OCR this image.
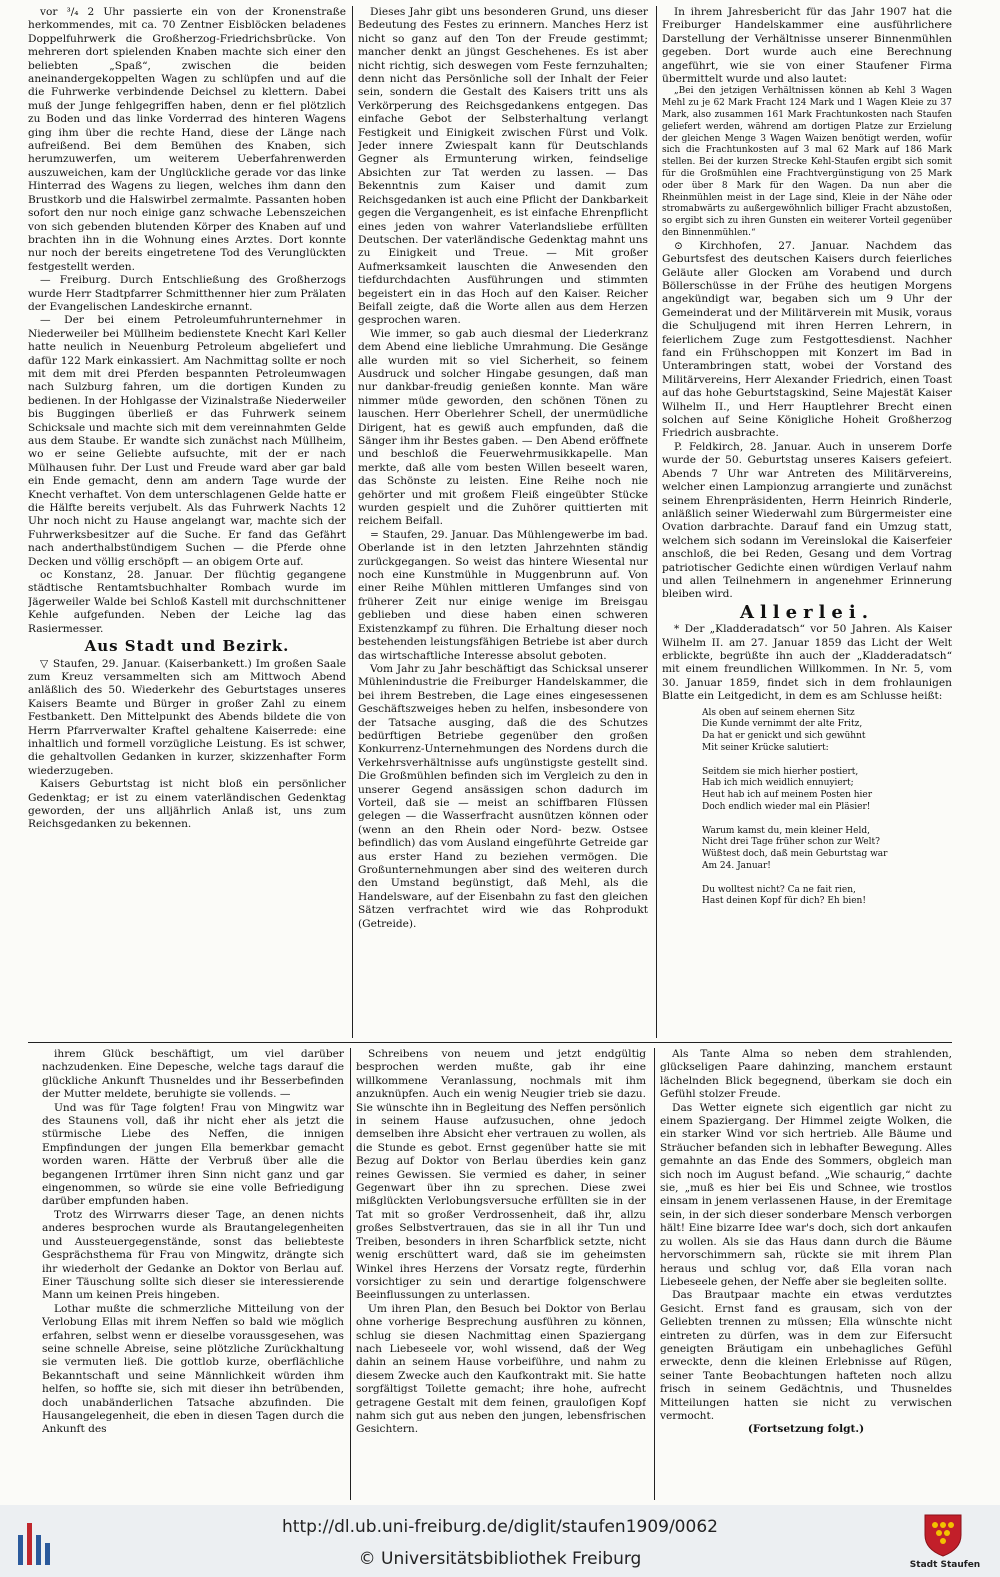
vor ³/₄ 2 Uhr passierte ein von der Kronenstraße herkommendes, mit ca. 70 Zentner Eisblöcken beladenes Doppelfuhrwerk die Großherzog-Friedrichsbrücke. Von mehreren dort spielenden Knaben machte sich einer den beliebten „Spaß“, zwischen die beiden aneinandergekoppelten Wagen zu schlüpfen und auf die die Fuhrwerke verbindende Deichsel zu klettern. Dabei muß der Junge fehlgegriffen haben, denn er fiel plötzlich zu Boden und das linke Vorderrad des hinteren Wagens ging ihm über die rechte Hand, diese der Länge nach aufreißend. Bei dem Bemühen des Knaben, sich herumzuwerfen, um weiterem Ueberfahrenwerden auszuweichen, kam der Unglückliche gerade vor das linke Hinterrad des Wagens zu liegen, welches ihm dann den Brustkorb und die Halswirbel zermalmte. Passanten hoben sofort den nur noch einige ganz schwache Lebenszeichen von sich gebenden blutenden Körper des Knaben auf und brachten ihn in die Wohnung eines Arztes. Dort konnte nur noch der bereits eingetretene Tod des Verunglückten festgestellt werden.

— Freiburg. Durch Entschließung des Großherzogs wurde Herr Stadtpfarrer Schmitthenner hier zum Prälaten der Evangelischen Landeskirche ernannt.

— Der bei einem Petroleumfuhrunternehmer in Niederweiler bei Müllheim bedienstete Knecht Karl Keller hatte neulich in Neuenburg Petroleum abgeliefert und dafür 122 Mark einkassiert. Am Nachmittag sollte er noch mit dem mit drei Pferden bespannten Petroleumwagen nach Sulzburg fahren, um die dortigen Kunden zu bedienen. In der Hohlgasse der Vizinalstraße Niederweiler bis Buggingen überließ er das Fuhrwerk seinem Schicksale und machte sich mit dem vereinnahmten Gelde aus dem Staube. Er wandte sich zunächst nach Müllheim, wo er seine Geliebte aufsuchte, mit der er nach Mülhausen fuhr. Der Lust und Freude ward aber gar bald ein Ende gemacht, denn am andern Tage wurde der Knecht verhaftet. Von dem unterschlagenen Gelde hatte er die Hälfte bereits verjubelt. Als das Fuhrwerk Nachts 12 Uhr noch nicht zu Hause angelangt war, machte sich der Fuhrwerksbesitzer auf die Suche. Er fand das Gefährt nach anderthalbstündigem Suchen — die Pferde ohne Decken und völlig erschöpft — an obigem Orte auf.

oc Konstanz, 28. Januar. Der flüchtig gegangene städtische Rentamtsbuchhalter Rombach wurde im Jägerweiler Walde bei Schloß Kastell mit durchschnittener Kehle aufgefunden. Neben der Leiche lag das Rasiermesser.

Aus Stadt und Bezirk.

▽ Staufen, 29. Januar. (Kaiserbankett.) Im großen Saale zum Kreuz versammelten sich am Mittwoch Abend anläßlich des 50. Wiederkehr des Geburtstages unseres Kaisers Beamte und Bürger in großer Zahl zu einem Festbankett. Den Mittelpunkt des Abends bildete die von Herrn Pfarrverwalter Kraftel gehaltene Kaiserrede: eine inhaltlich und formell vorzügliche Leistung. Es ist schwer, die gehaltvollen Gedanken in kurzer, skizzenhafter Form wiederzugeben.

Kaisers Geburtstag ist nicht bloß ein persönlicher Gedenktag; er ist zu einem vaterländischen Gedenktag geworden, der uns alljährlich Anlaß ist, uns zum Reichsgedanken zu bekennen.

Dieses Jahr gibt uns besonderen Grund, uns dieser Bedeutung des Festes zu erinnern. Manches Herz ist nicht so ganz auf den Ton der Freude gestimmt; mancher denkt an jüngst Geschehenes. Es ist aber nicht richtig, sich deswegen vom Feste fernzuhalten; denn nicht das Persönliche soll der Inhalt der Feier sein, sondern die Gestalt des Kaisers tritt uns als Verkörperung des Reichsgedankens entgegen. Das einfache Gebot der Selbsterhaltung verlangt Festigkeit und Einigkeit zwischen Fürst und Volk. Jeder innere Zwiespalt kann für Deutschlands Gegner als Ermunterung wirken, feindselige Absichten zur Tat werden zu lassen. — Das Bekenntnis zum Kaiser und damit zum Reichsgedanken ist auch eine Pflicht der Dankbarkeit gegen die Vergangenheit, es ist einfache Ehrenpflicht eines jeden von wahrer Vaterlandsliebe erfüllten Deutschen. Der vaterländische Gedenktag mahnt uns zu Einigkeit und Treue. — Mit großer Aufmerksamkeit lauschten die Anwesenden den tiefdurchdachten Ausführungen und stimmten begeistert ein in das Hoch auf den Kaiser. Reicher Beifall zeigte, daß die Worte allen aus dem Herzen gesprochen waren.

Wie immer, so gab auch diesmal der Liederkranz dem Abend eine liebliche Umrahmung. Die Gesänge alle wurden mit so viel Sicherheit, so feinem Ausdruck und solcher Hingabe gesungen, daß man nur dankbar-freudig genießen konnte. Man wäre nimmer müde geworden, den schönen Tönen zu lauschen. Herr Oberlehrer Schell, der unermüdliche Dirigent, hat es gewiß auch empfunden, daß die Sänger ihm ihr Bestes gaben. — Den Abend eröffnete und beschloß die Feuerwehrmusikkapelle. Man merkte, daß alle vom besten Willen beseelt waren, das Schönste zu leisten. Eine Reihe noch nie gehörter und mit großem Fleiß eingeübter Stücke wurden gespielt und die Zuhörer quittierten mit reichem Beifall.

= Staufen, 29. Januar. Das Mühlengewerbe im bad. Oberlande ist in den letzten Jahrzehnten ständig zurückgegangen. So weist das hintere Wiesental nur noch eine Kunstmühle in Muggenbrunn auf. Von einer Reihe Mühlen mittleren Umfanges sind von früherer Zeit nur einige wenige im Breisgau geblieben und diese haben einen schweren Existenzkampf zu führen. Die Erhaltung dieser noch bestehenden leistungsfähigen Betriebe ist aber durch das wirtschaftliche Interesse absolut geboten.

Vom Jahr zu Jahr beschäftigt das Schicksal unserer Mühlenindustrie die Freiburger Handelskammer, die bei ihrem Bestreben, die Lage eines eingesessenen Geschäftszweiges heben zu helfen, insbesondere von der Tatsache ausging, daß die des Schutzes bedürftigen Betriebe gegenüber den großen Konkurrenz-Unternehmungen des Nordens durch die Verkehrsverhältnisse aufs ungünstigste gestellt sind. Die Großmühlen befinden sich im Vergleich zu den in unserer Gegend ansässigen schon dadurch im Vorteil, daß sie — meist an schiffbaren Flüssen gelegen — die Wasserfracht ausnützen können oder (wenn an den Rhein oder Nord- bezw. Ostsee befindlich) das vom Ausland eingeführte Getreide gar aus erster Hand zu beziehen vermögen. Die Großunternehmungen aber sind des weiteren durch den Umstand begünstigt, daß Mehl, als die Handelsware, auf der Eisenbahn zu fast den gleichen Sätzen verfrachtet wird wie das Rohprodukt (Getreide).

In ihrem Jahresbericht für das Jahr 1907 hat die Freiburger Handelskammer eine ausführlichere Darstellung der Verhältnisse unserer Binnenmühlen gegeben. Dort wurde auch eine Berechnung angeführt, wie sie von einer Staufener Firma übermittelt wurde und also lautet:

„Bei den jetzigen Verhältnissen können ab Kehl 3 Wagen Mehl zu je 62 Mark Fracht 124 Mark und 1 Wagen Kleie zu 37 Mark, also zusammen 161 Mark Frachtunkosten nach Staufen geliefert werden, während am dortigen Platze zur Erzielung der gleichen Menge 3 Wagen Waizen benötigt werden, wofür sich die Frachtunkosten auf 3 mal 62 Mark auf 186 Mark stellen. Bei der kurzen Strecke Kehl-Staufen ergibt sich somit für die Großmühlen eine Frachtvergünstigung von 25 Mark oder über 8 Mark für den Wagen. Da nun aber die Rheinmühlen meist in der Lage sind, Kleie in der Nähe oder stromabwärts zu außergewöhnlich billiger Fracht abzustoßen, so ergibt sich zu ihren Gunsten ein weiterer Vorteil gegenüber den Binnenmühlen.“

⊙ Kirchhofen, 27. Januar. Nachdem das Geburtsfest des deutschen Kaisers durch feierliches Geläute aller Glocken am Vorabend und durch Böllerschüsse in der Frühe des heutigen Morgens angekündigt war, begaben sich um 9 Uhr der Gemeinderat und der Militärverein mit Musik, voraus die Schuljugend mit ihren Herren Lehrern, in feierlichem Zuge zum Festgottesdienst. Nachher fand ein Frühschoppen mit Konzert im Bad in Unterambringen statt, wobei der Vorstand des Militärvereins, Herr Alexander Friedrich, einen Toast auf das hohe Geburtstagskind, Seine Majestät Kaiser Wilhelm II., und Herr Hauptlehrer Brecht einen solchen auf Seine Königliche Hoheit Großherzog Friedrich ausbrachte.

P. Feldkirch, 28. Januar. Auch in unserem Dorfe wurde der 50. Geburtstag unseres Kaisers gefeiert. Abends 7 Uhr war Antreten des Militärvereins, welcher einen Lampionzug arrangierte und zunächst seinem Ehrenpräsidenten, Herrn Heinrich Rinderle, anläßlich seiner Wiederwahl zum Bürgermeister eine Ovation darbrachte. Darauf fand ein Umzug statt, welchem sich sodann im Vereinslokal die Kaiserfeier anschloß, die bei Reden, Gesang und dem Vortrag patriotischer Gedichte einen würdigen Verlauf nahm und allen Teilnehmern in angenehmer Erinnerung bleiben wird.

Allerlei.

* Der „Kladderadatsch“ vor 50 Jahren. Als Kaiser Wilhelm II. am 27. Januar 1859 das Licht der Welt erblickte, begrüßte ihn auch der „Kladderadatsch“ mit einem freundlichen Willkommen. In Nr. 5, vom 30. Januar 1859, findet sich in dem frohlaunigen Blatte ein Leitgedicht, in dem es am Schlusse heißt:

Als oben auf seinem ehernen Sitz
Die Kunde vernimmt der alte Fritz,
Da hat er genickt und sich gewühnt
Mit seiner Krücke salutiert:

Seitdem sie mich hierher postiert,
Hab ich mich weidlich ennuyiert;
Heut hab ich auf meinem Posten hier
Doch endlich wieder mal ein Pläsier!

Warum kamst du, mein kleiner Held,
Nicht drei Tage früher schon zur Welt?
Wüßtest doch, daß mein Geburtstag war
Am 24. Januar!

Du wolltest nicht? Ca ne fait rien,
Hast deinen Kopf für dich? Eh bien!

ihrem Glück beschäftigt, um viel darüber nachzudenken. Eine Depesche, welche tags darauf die glückliche Ankunft Thusneldes und ihr Besserbefinden der Mutter meldete, beruhigte sie vollends. —

Und was für Tage folgten! Frau von Mingwitz war des Staunens voll, daß ihr nicht eher als jetzt die stürmische Liebe des Neffen, die innigen Empfindungen der jungen Ella bemerkbar gemacht worden waren. Hätte der Verbruß über alle die begangenen Irrtümer ihren Sinn nicht ganz und gar eingenommen, so würde sie eine volle Befriedigung darüber empfunden haben.

Trotz des Wirrwarrs dieser Tage, an denen nichts anderes besprochen wurde als Brautangelegenheiten und Aussteuergegenstände, sonst das beliebteste Gesprächsthema für Frau von Mingwitz, drängte sich ihr wiederholt der Gedanke an Doktor von Berlau auf. Einer Täuschung sollte sich dieser sie interessierende Mann um keinen Preis hingeben.

Lothar mußte die schmerzliche Mitteilung von der Verlobung Ellas mit ihrem Neffen so bald wie möglich erfahren, selbst wenn er dieselbe voraussgesehen, was seine schnelle Abreise, seine plötzliche Zurückhaltung sie vermuten ließ. Die gottlob kurze, oberflächliche Bekanntschaft und seine Männlichkeit würden ihm helfen, so hoffte sie, sich mit dieser ihn betrübenden, doch unabänderlichen Tatsache abzufinden. Die Hausangelegenheit, die eben in diesen Tagen durch die Ankunft des

Schreibens von neuem und jetzt endgültig besprochen werden mußte, gab ihr eine willkommene Veranlassung, nochmals mit ihm anzuknüpfen. Auch ein wenig Neugier trieb sie dazu. Sie wünschte ihn in Begleitung des Neffen persönlich in seinem Hause aufzusuchen, ohne jedoch demselben ihre Absicht eher vertrauen zu wollen, als die Stunde es gebot. Ernst gegenüber hatte sie mit Bezug auf Doktor von Berlau überdies kein ganz reines Gewissen. Sie vermied es daher, in seiner Gegenwart über ihn zu sprechen. Diese zwei mißglückten Verlobungsversuche erfüllten sie in der Tat mit so großer Verdrossenheit, daß ihr, allzu großes Selbstvertrauen, das sie in all ihr Tun und Treiben, besonders in ihren Scharfblick setzte, nicht wenig erschüttert ward, daß sie im geheimsten Winkel ihres Herzens der Vorsatz regte, fürderhin vorsichtiger zu sein und derartige folgenschwere Beeinflussungen zu unterlassen.

Um ihren Plan, den Besuch bei Doktor von Berlau ohne vorherige Besprechung ausführen zu können, schlug sie diesen Nachmittag einen Spaziergang nach Liebeseele vor, wohl wissend, daß der Weg dahin an seinem Hause vorbeiführe, und nahm zu diesem Zwecke auch den Kaufkontrakt mit. Sie hatte sorgfältigst Toilette gemacht; ihre hohe, aufrecht getragene Gestalt mit dem feinen, grauloſigen Kopf nahm sich gut aus neben den jungen, lebensfrischen Gesichtern.

Als Tante Alma so neben dem strahlenden, glückseligen Paare dahinzing, manchem erstaunt lächelnden Blick begegnend, überkam sie doch ein Gefühl stolzer Freude.

Das Wetter eignete sich eigentlich gar nicht zu einem Spaziergang. Der Himmel zeigte Wolken, die ein starker Wind vor sich hertrieb. Alle Bäume und Sträucher befanden sich in lebhafter Bewegung. Alles gemahnte an das Ende des Sommers, obgleich man sich noch im August befand. „Wie schaurig,“ dachte sie, „muß es hier bei Eis und Schnee, wie trostlos einsam in jenem verlassenen Hause, in der Eremitage sein, in der sich dieser sonderbare Mensch verborgen hält! Eine bizarre Idee war's doch, sich dort ankaufen zu wollen. Als sie das Haus dann durch die Bäume hervorschimmern sah, rückte sie mit ihrem Plan heraus und schlug vor, daß Ella voran nach Liebeseele gehen, der Neffe aber sie begleiten sollte.

Das Brautpaar machte ein etwas verdutztes Gesicht. Ernst fand es grausam, sich von der Geliebten trennen zu müssen; Ella wünschte nicht eintreten zu dürfen, was in dem zur Eifersucht geneigten Bräutigam ein unbehagliches Gefühl erweckte, denn die kleinen Erlebnisse auf Rügen, seiner Tante Beobachtungen hafteten noch allzu frisch in seinem Gedächtnis, und Thusneldes Mitteilungen hatten sie nicht zu verwischen vermocht.

(Fortsetzung folgt.)
http://dl.ub.uni-freiburg.de/diglit/staufen1909/0062
© Universitätsbibliothek Freiburg	Stadt Staufen
